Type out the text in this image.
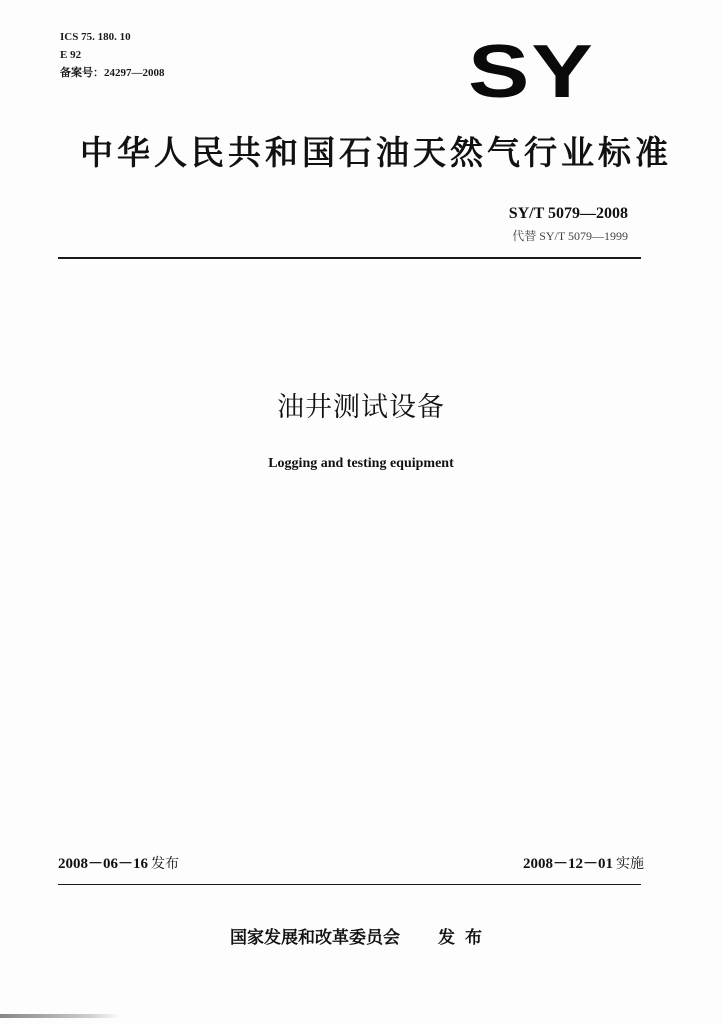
ICS 75. 180. 10
E 92
备案号：24297—2008	SY
中华人民共和国石油天然气行业标准
SY/T 5079—2008
代替 SY/T 5079—1999
油井测试设备
Logging and testing equipment
2008－06－16 发布	2008－12－01 实施
国家发展和改革委员会 发布
